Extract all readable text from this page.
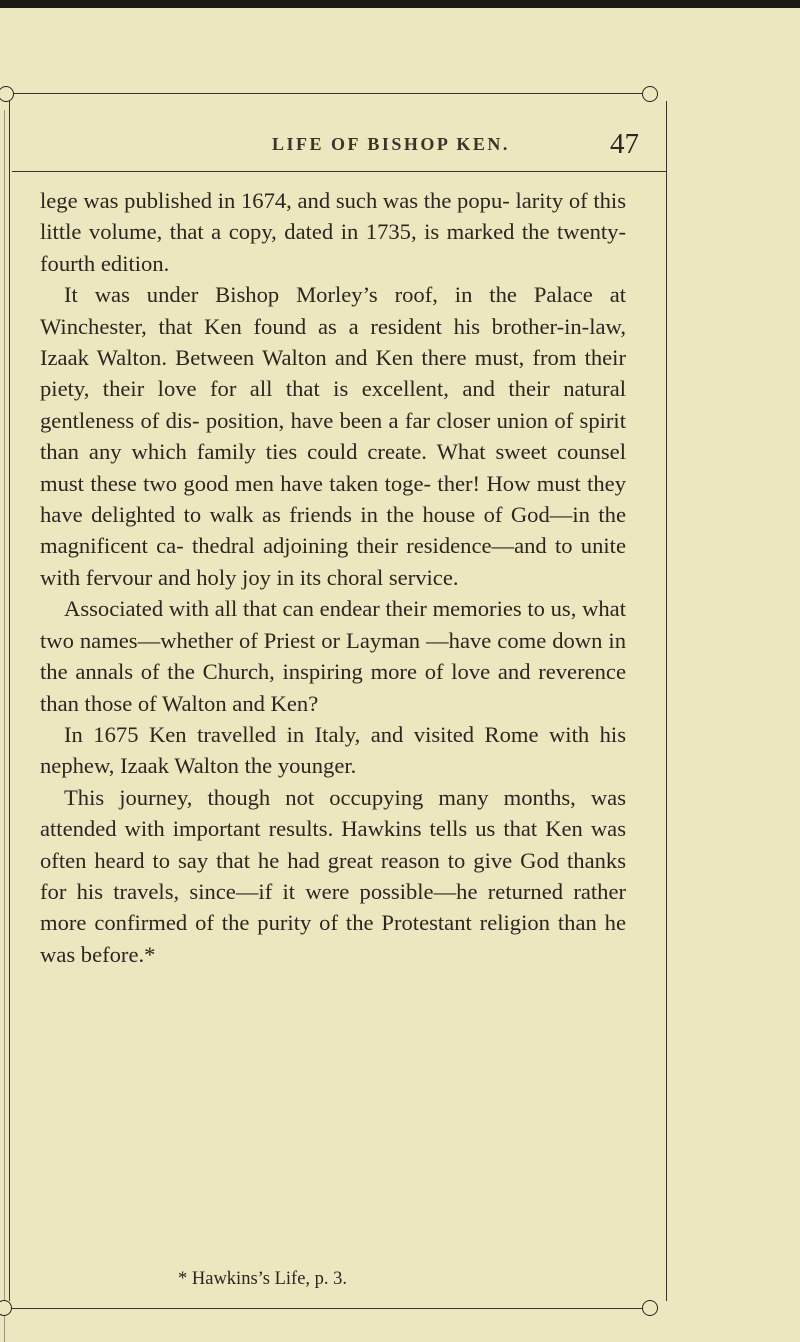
LIFE OF BISHOP KEN.	47

lege was published in 1674, and such was the popu- larity of this little volume, that a copy, dated in 1735, is marked the twenty-fourth edition.

It was under Bishop Morley’s roof, in the Palace at Winchester, that Ken found as a resident his brother-in-law, Izaak Walton. Between Walton and Ken there must, from their piety, their love for all that is excellent, and their natural gentleness of dis- position, have been a far closer union of spirit than any which family ties could create. What sweet counsel must these two good men have taken toge- ther! How must they have delighted to walk as friends in the house of God—in the magnificent ca- thedral adjoining their residence—and to unite with fervour and holy joy in its choral service.

Associated with all that can endear their memories to us, what two names—whether of Priest or Layman —have come down in the annals of the Church, inspiring more of love and reverence than those of Walton and Ken?

In 1675 Ken travelled in Italy, and visited Rome with his nephew, Izaak Walton the younger.

This journey, though not occupying many months, was attended with important results. Hawkins tells us that Ken was often heard to say that he had great reason to give God thanks for his travels, since—if it were possible—he returned rather more confirmed of the purity of the Protestant religion than he was before.*

* Hawkins’s Life, p. 3.
